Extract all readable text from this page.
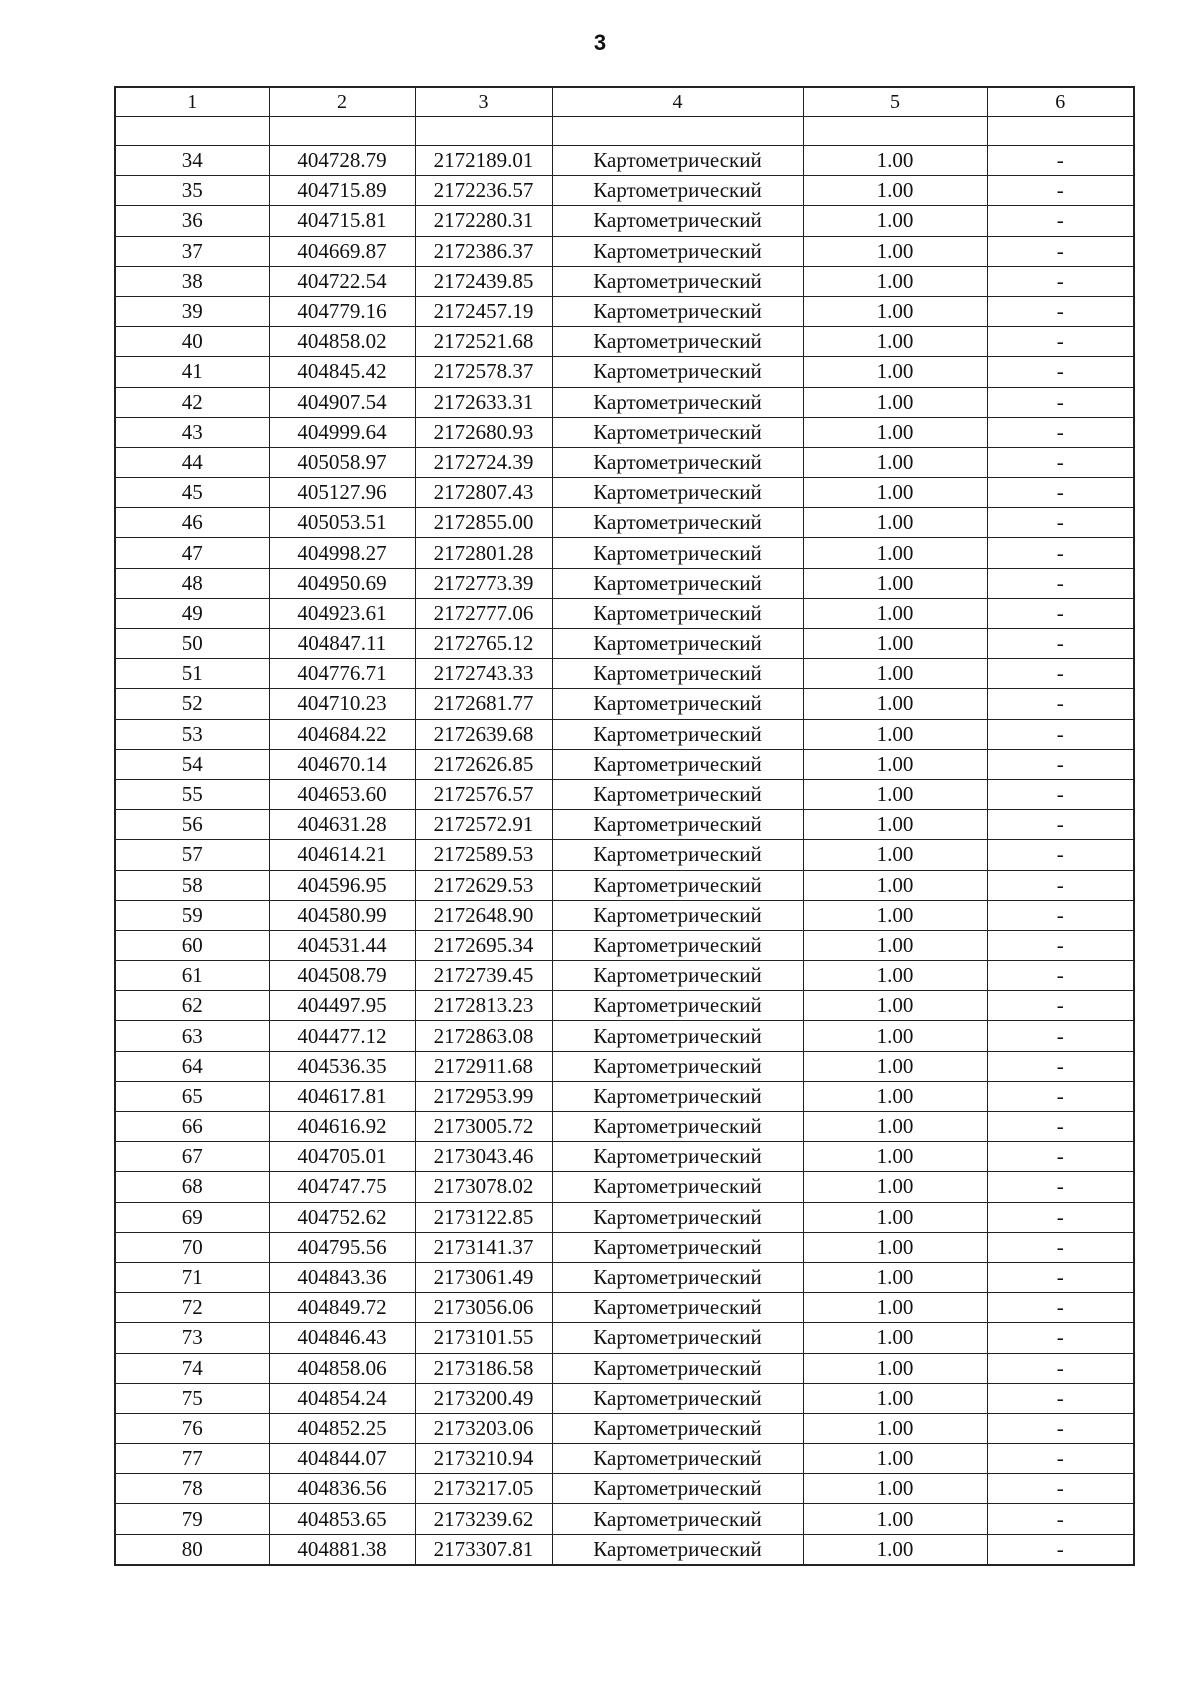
3
1	2	3	4	5	6

34	404728.79	2172189.01	Картометрический	1.00	-
35	404715.89	2172236.57	Картометрический	1.00	-
36	404715.81	2172280.31	Картометрический	1.00	-
37	404669.87	2172386.37	Картометрический	1.00	-
38	404722.54	2172439.85	Картометрический	1.00	-
39	404779.16	2172457.19	Картометрический	1.00	-
40	404858.02	2172521.68	Картометрический	1.00	-
41	404845.42	2172578.37	Картометрический	1.00	-
42	404907.54	2172633.31	Картометрический	1.00	-
43	404999.64	2172680.93	Картометрический	1.00	-
44	405058.97	2172724.39	Картометрический	1.00	-
45	405127.96	2172807.43	Картометрический	1.00	-
46	405053.51	2172855.00	Картометрический	1.00	-
47	404998.27	2172801.28	Картометрический	1.00	-
48	404950.69	2172773.39	Картометрический	1.00	-
49	404923.61	2172777.06	Картометрический	1.00	-
50	404847.11	2172765.12	Картометрический	1.00	-
51	404776.71	2172743.33	Картометрический	1.00	-
52	404710.23	2172681.77	Картометрический	1.00	-
53	404684.22	2172639.68	Картометрический	1.00	-
54	404670.14	2172626.85	Картометрический	1.00	-
55	404653.60	2172576.57	Картометрический	1.00	-
56	404631.28	2172572.91	Картометрический	1.00	-
57	404614.21	2172589.53	Картометрический	1.00	-
58	404596.95	2172629.53	Картометрический	1.00	-
59	404580.99	2172648.90	Картометрический	1.00	-
60	404531.44	2172695.34	Картометрический	1.00	-
61	404508.79	2172739.45	Картометрический	1.00	-
62	404497.95	2172813.23	Картометрический	1.00	-
63	404477.12	2172863.08	Картометрический	1.00	-
64	404536.35	2172911.68	Картометрический	1.00	-
65	404617.81	2172953.99	Картометрический	1.00	-
66	404616.92	2173005.72	Картометрический	1.00	-
67	404705.01	2173043.46	Картометрический	1.00	-
68	404747.75	2173078.02	Картометрический	1.00	-
69	404752.62	2173122.85	Картометрический	1.00	-
70	404795.56	2173141.37	Картометрический	1.00	-
71	404843.36	2173061.49	Картометрический	1.00	-
72	404849.72	2173056.06	Картометрический	1.00	-
73	404846.43	2173101.55	Картометрический	1.00	-
74	404858.06	2173186.58	Картометрический	1.00	-
75	404854.24	2173200.49	Картометрический	1.00	-
76	404852.25	2173203.06	Картометрический	1.00	-
77	404844.07	2173210.94	Картометрический	1.00	-
78	404836.56	2173217.05	Картометрический	1.00	-
79	404853.65	2173239.62	Картометрический	1.00	-
80	404881.38	2173307.81	Картометрический	1.00	-
